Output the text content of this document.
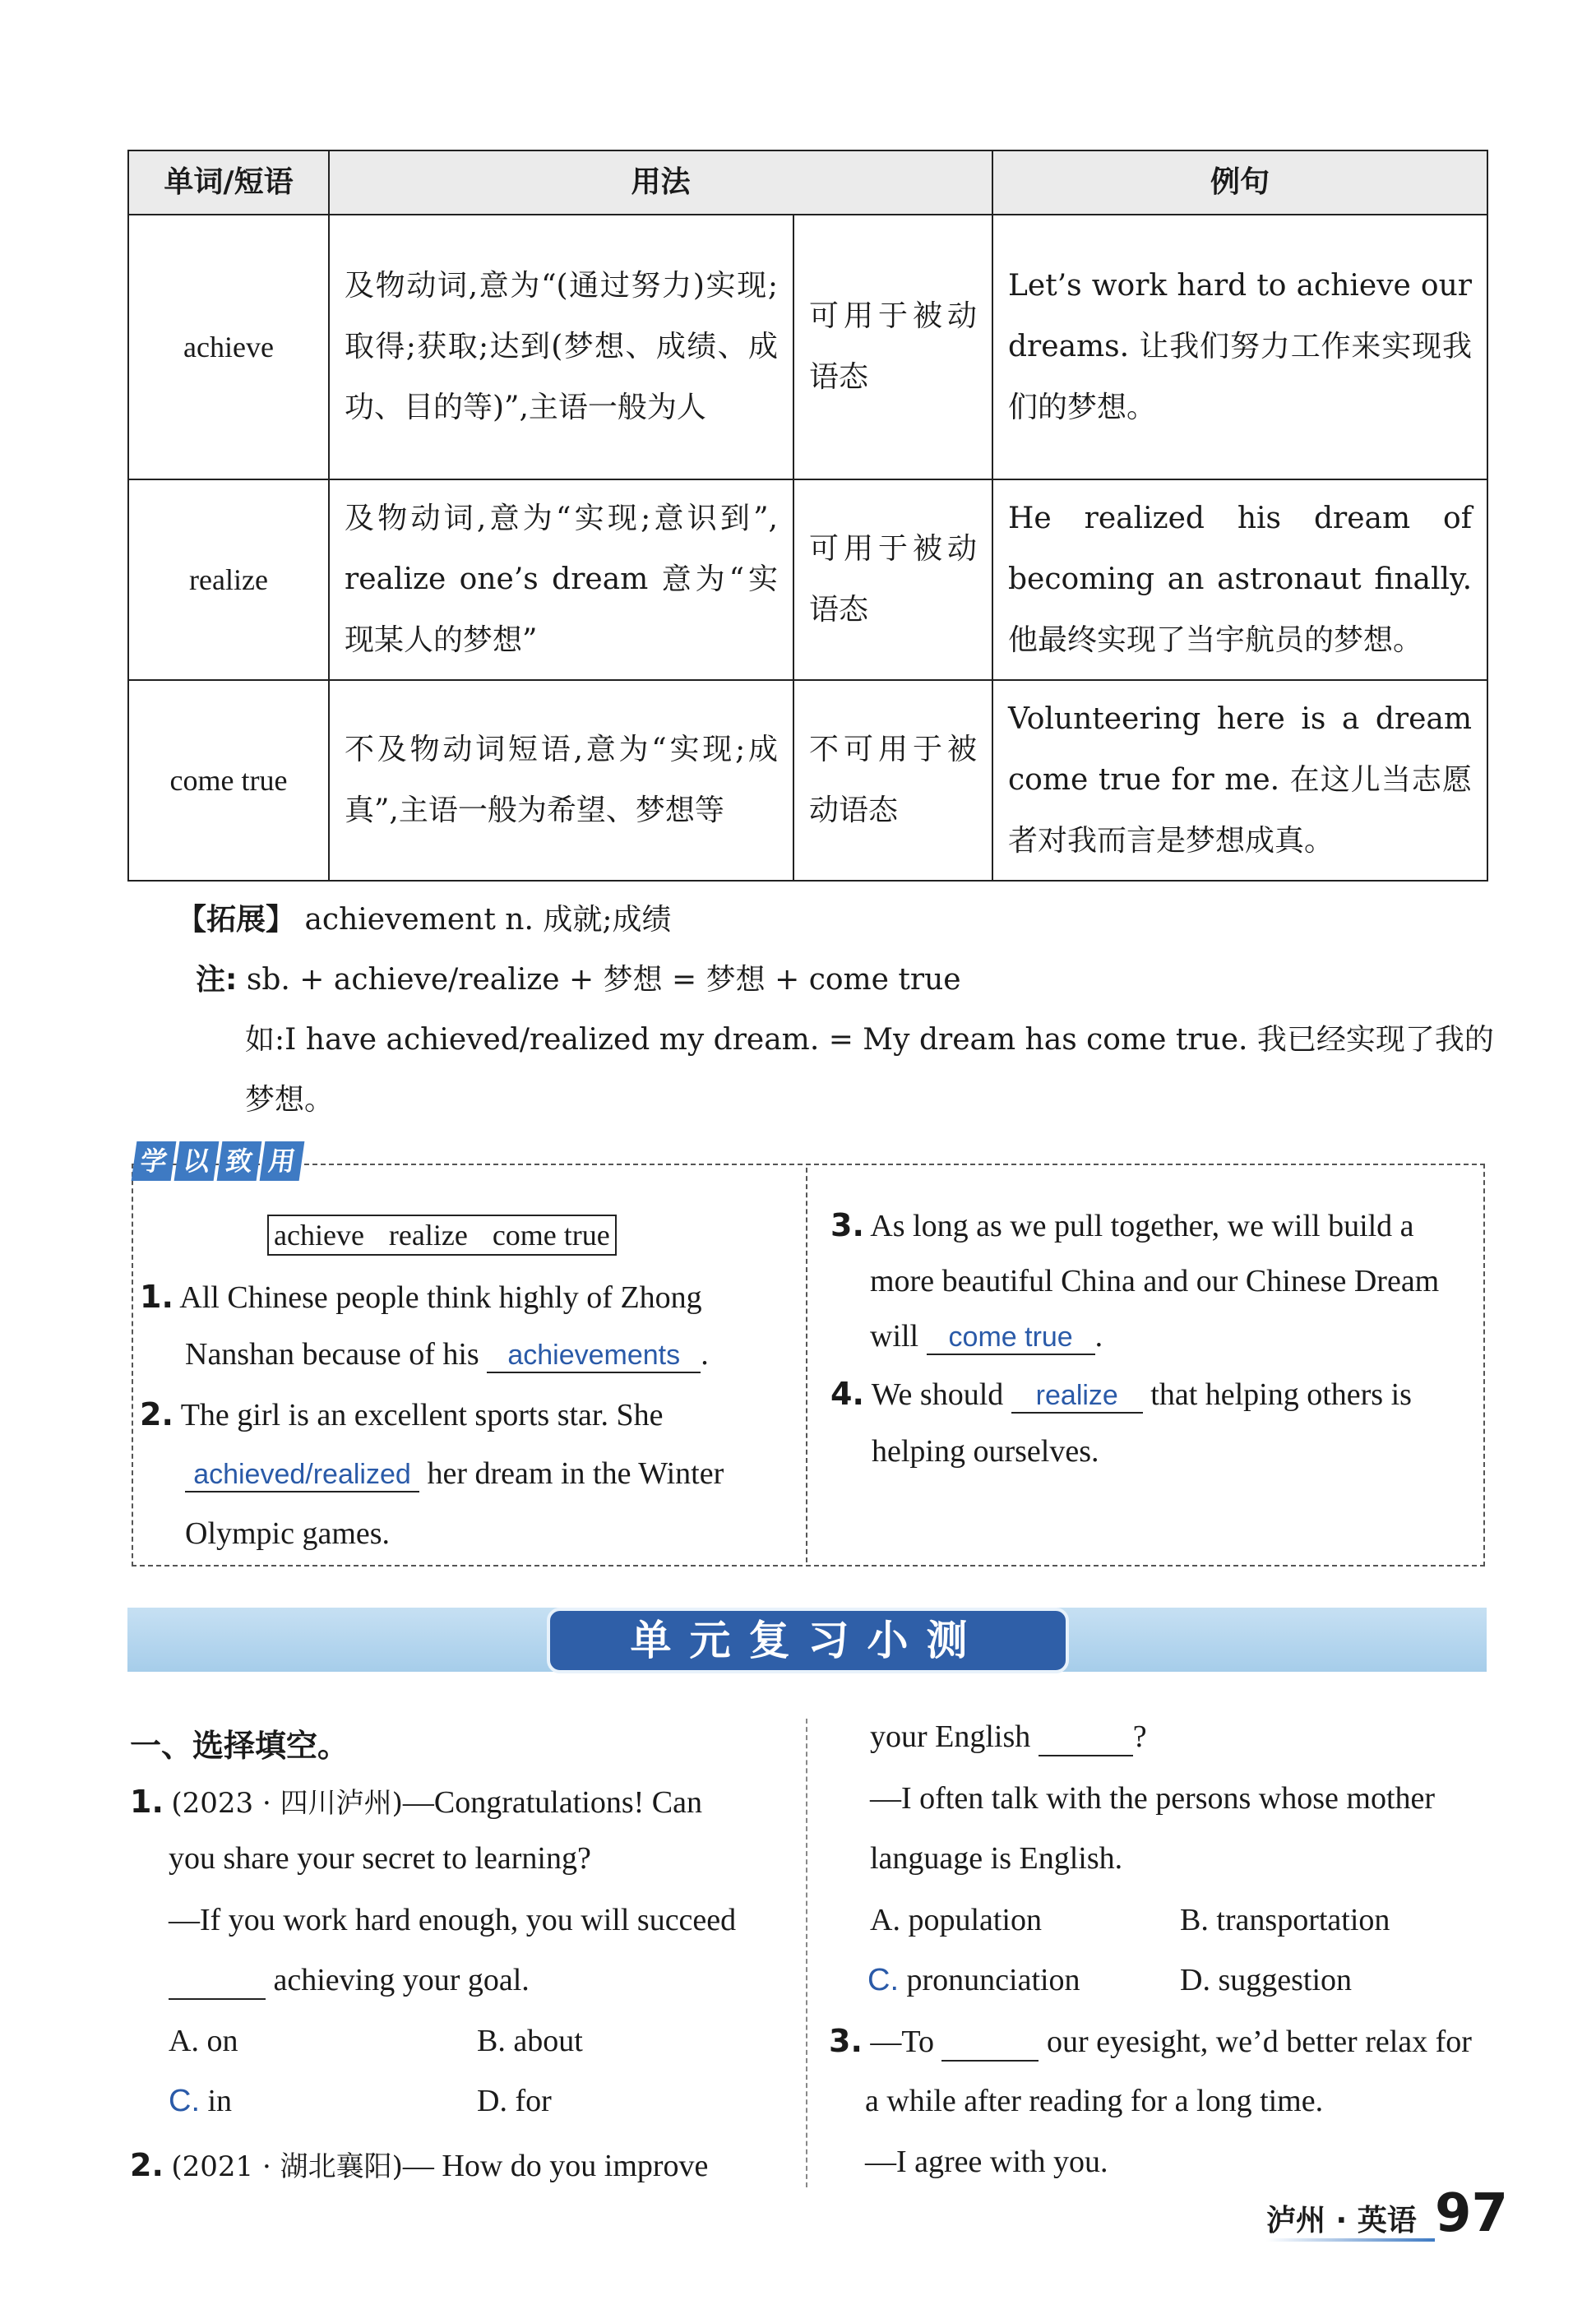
单词/短语	用法		例句
achieve	及物动词,意为“(通过努力)实现;取得;获取;达到(梦想、成绩、成功、目的等)”,主语一般为人	可用于被动语态	Let’s work hard to achieve our dreams. 让我们努力工作来实现我们的梦想。
realize	及物动词,意为“实现;意识到”, realize one’s dream 意为“实现某人的梦想”	可用于被动语态	He realized his dream of becoming an astronaut finally. 他最终实现了当宇航员的梦想。
come true	不及物动词短语,意为“实现;成真”,主语一般为希望、梦想等	不可用于被动语态	Volunteering here is a dream come true for me. 在这儿当志愿者对我而言是梦想成真。
【拓展】 achievement n. 成就;成绩
注: sb. + achieve/realize + 梦想 = 梦想 + come true
如:I have achieved/realized my dream. = My dream has come true. 我已经实现了我的
梦想。
学 以 致 用
achieve realize come true
1. All Chinese people think highly of Zhong
Nanshan because of his achievements .
2. The girl is an excellent sports star. She
achieved/realized her dream in the Winter
Olympic games.
3. As long as we pull together, we will build a
more beautiful China and our Chinese Dream
will come true .
4. We should realize that helping others is
helping ourselves.
单元复习小测
一、选择填空。
1. (2023 · 四川泸州)—Congratulations! Can
you share your secret to learning?
—If you work hard enough, you will succeed
achieving your goal.
A. on	B. about
C. in	D. for
2. (2021 · 湖北襄阳)— How do you improve
your English	?
—I often talk with the persons whose mother
language is English.
A. population	B. transportation
C. pronunciation	D. suggestion
3. —To	our eyesight, we’d better relax for
a while after reading for a long time.
—I agree with you.
泸州 · 英语 97
